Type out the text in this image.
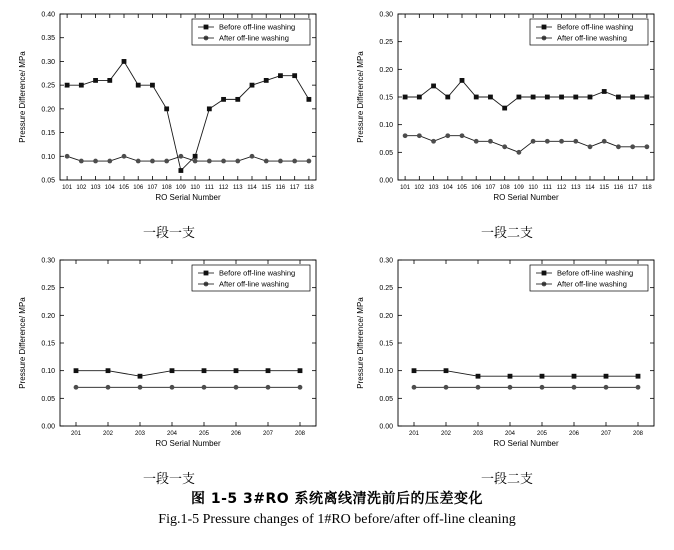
0.05
0.10
0.15
0.20
0.25
0.30
0.35
0.40
101 102 103 104 105 106 107 108 109 110 111 112 113 114 115 116 117 118
RO Serial Number
Pressure Difference/ MPa
Before off-line washing
After off-line washing
0.00
0.05
0.10
0.15
0.20
0.25
0.30
101 102 103 104 105 106 107 108 109 110 111 112 113 114 115 116 117 118
RO Serial Number
Pressure Difference/ MPa
Before off-line washing
After off-line washing
0.00
0.05
0.10
0.15
0.20
0.25
0.30
201	202	203	204	205	206	207	208
RO Serial Number
Pressure Difference/ MPa
Before off-line washing
After off-line washing
0.00
0.05
0.10
0.15
0.20
0.25
0.30
201	202	203	204	205	206	207	208
RO Serial Number
Pressure Difference/ MPa
Before off-line washing
After off-line washing
一段一支	一段二支
一段一支	一段二支
图 1-5 3#RO 系统离线清洗前后的压差变化
Fig.1-5 Pressure changes of 1#RO before/after off-line cleaning
